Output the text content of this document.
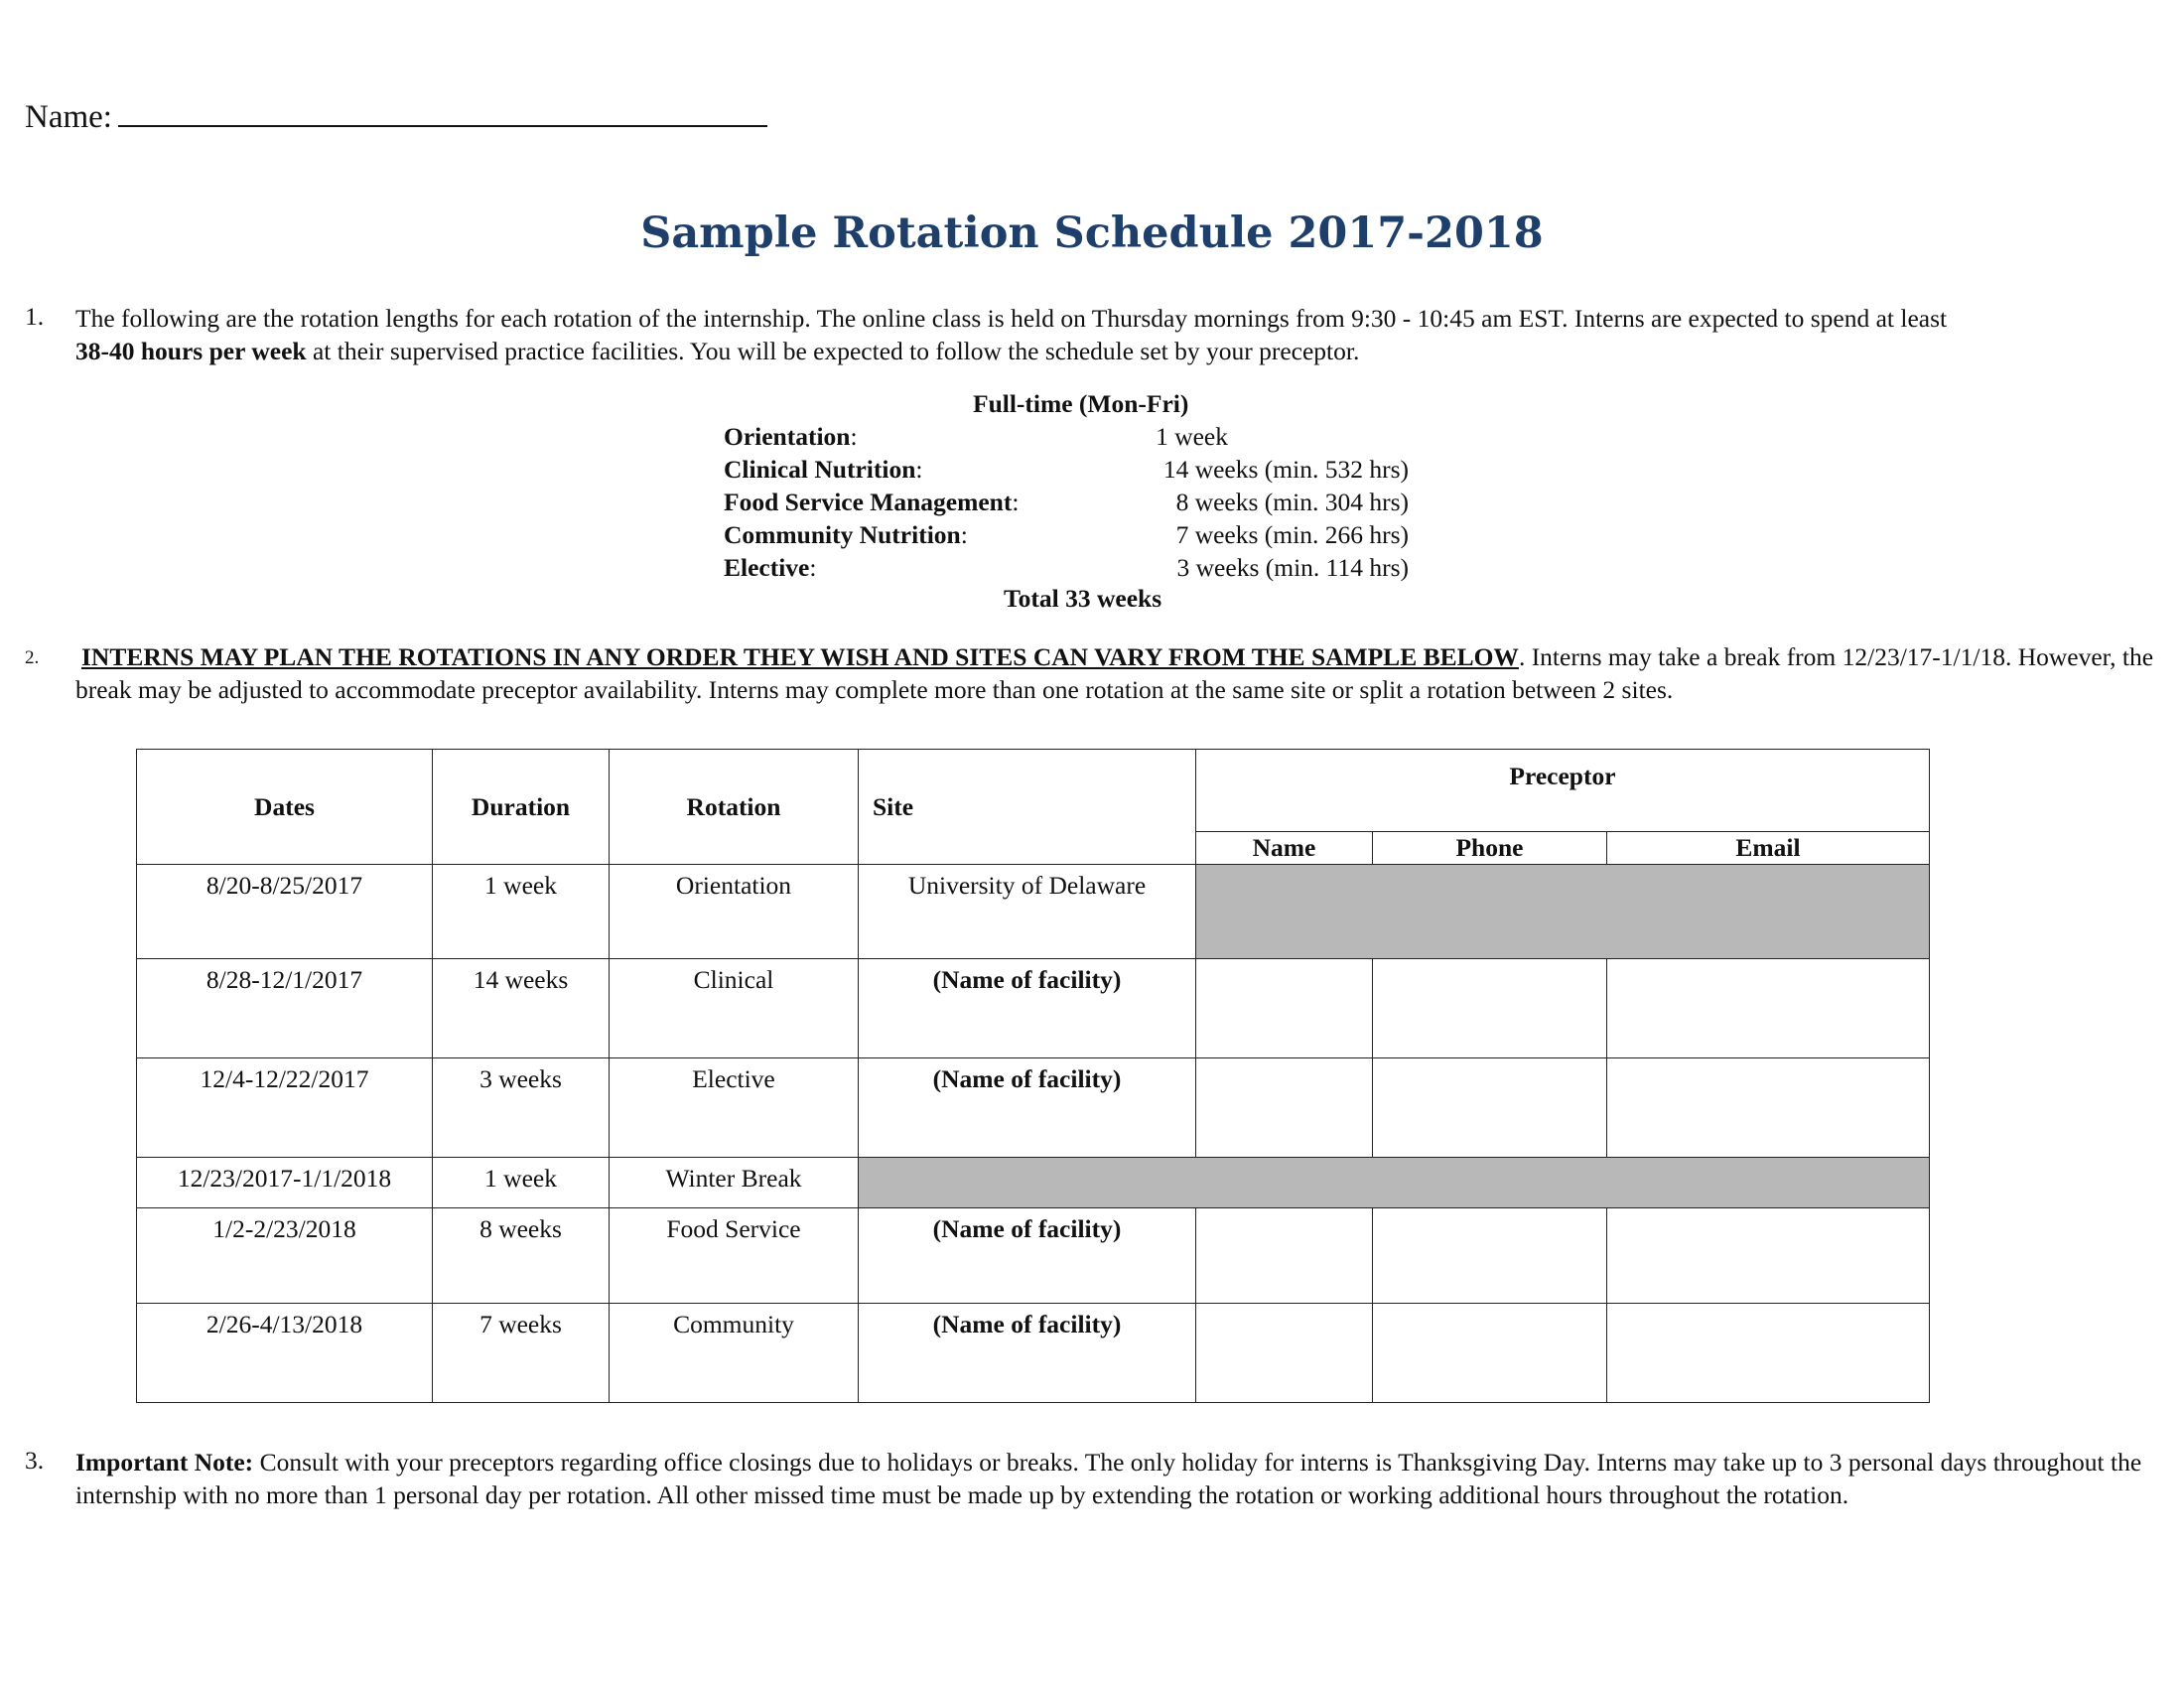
Name:
Sample Rotation Schedule 2017-2018
1. The following are the rotation lengths for each rotation of the internship. The online class is held on Thursday mornings from 9:30 - 10:45 am EST. Interns are expected to spend at least
38-40 hours per week at their supervised practice facilities. You will be expected to follow the schedule set by your preceptor.
Full-time (Mon-Fri)
Orientation:	1 week
Clinical Nutrition:	14 weeks (min. 532 hrs)
Food Service Management:	8 weeks (min. 304 hrs)
Community Nutrition:	7 weeks (min. 266 hrs)
Elective:	3 weeks (min. 114 hrs)
Total 33 weeks
2. INTERNS MAY PLAN THE ROTATIONS IN ANY ORDER THEY WISH AND SITES CAN VARY FROM THE SAMPLE BELOW. Interns may take a break from 12/23/17-1/1/18. However, the break may be adjusted to accommodate preceptor availability. Interns may complete more than one rotation at the same site or split a rotation between 2 sites.
Dates	Duration	Rotation	Site	Preceptor		
				Name	Phone	Email
8/20-8/25/2017	1 week	Orientation	University of Delaware			
8/28-12/1/2017	14 weeks	Clinical	(Name of facility)			
12/4-12/22/2017	3 weeks	Elective	(Name of facility)			
12/23/2017-1/1/2018	1 week	Winter Break				
1/2-2/23/2018	8 weeks	Food Service	(Name of facility)			
2/26-4/13/2018	7 weeks	Community	(Name of facility)			
3. Important Note: Consult with your preceptors regarding office closings due to holidays or breaks. The only holiday for interns is Thanksgiving Day. Interns may take up to 3 personal days throughout the internship with no more than 1 personal day per rotation. All other missed time must be made up by extending the rotation or working additional hours throughout the rotation.
